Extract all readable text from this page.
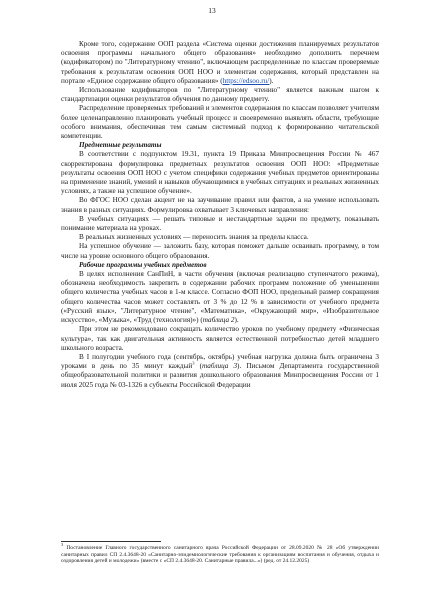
13

Кроме того, содержание ООП раздела «Система оценки достижения планируемых результатов освоения программы начального общего образования» необходимо дополнить перечнем (кодификатором) по "Литературному чтению", включающем распределенные по классам проверяемые требования к результатам освоения ООП НОО и элементам содержания, который представлен на портале «Единое содержание общего образования» (https://edsoo.ru/).

Использование кодификаторов по "Литературному чтению" является важным шагом к стандартизации оценки результатов обучения по данному предмету.

Распределение проверяемых требований и элементов содержания по классам позволяет учителям более целенаправленно планировать учебный процесс и своевременно выявлять области, требующие особого внимания, обеспечивая тем самым системный подход к формированию читательской компетенции.

Предметные результаты

В соответствии с подпунктом 19.31, пункта 19 Приказа Минпросвещения России № 467 скорректирована формулировка предметных результатов освоения ООП НОО: «Предметные результаты освоения ООП НОО с учетом специфики содержания учебных предметов ориентированы на применение знаний, умений и навыков обучающимися в учебных ситуациях и реальных жизненных условиях, а также на успешное обучение».

Во ФГОС НОО сделан акцент не на заучивание правил или фактов, а на умение использовать знания в разных ситуациях. Формулировка охватывает 3 ключевых направления:

В учебных ситуациях — решать типовые и нестандартные задачи по предмету, показывать понимание материала на уроках.

В реальных жизненных условиях — переносить знания за пределы класса.

На успешное обучение — заложить базу, которая поможет дальше осваивать программу, в том числе на уровне основного общего образования.

Рабочие программы учебных предметов

В целях исполнения СанПиН, в части обучения (включая реализацию ступенчатого режима), обозначена необходимость закрепить в содержании рабочих программ положение об уменьшении общего количества учебных часов в 1-м классе. Согласно ФОП НОО, предельный размер сокращения общего количества часов может составлять от 3 % до 12 % в зависимости от учебного предмета («Русский язык», "Литературное чтение", «Математика», «Окружающий мир», «Изобразительное искусство», «Музыка», «Труд (технология)») (таблица 2).

При этом не рекомендовано сокращать количество уроков по учебному предмету «Физическая культура», так как двигательная активность является естественной потребностью детей младшего школьного возраста.

В I полугодии учебного года (сентябрь, октябрь) учебная нагрузка должна быть ограничена 3 уроками в день по 35 минут каждый$^3$ (таблица 3). Письмом Департамента государственной общеобразовательной политики и развития дошкольного образования Минпросвещения России от 1 июля 2025 года № 03-1326 в субъекты Российской Федерации

$^3$ Постановление Главного государственного санитарного врача Российской Федерации от 28.09.2020 № 28 «Об утверждении санитарных правил СП 2.4.3648-20 «Санитарно-эпидемиологические требования к организациям воспитания и обучения, отдыха и оздоровления детей и молодежи» (вместе с «СП 2.4.3648-20. Санитарные правила...») (ред. от 24.12.2025)
